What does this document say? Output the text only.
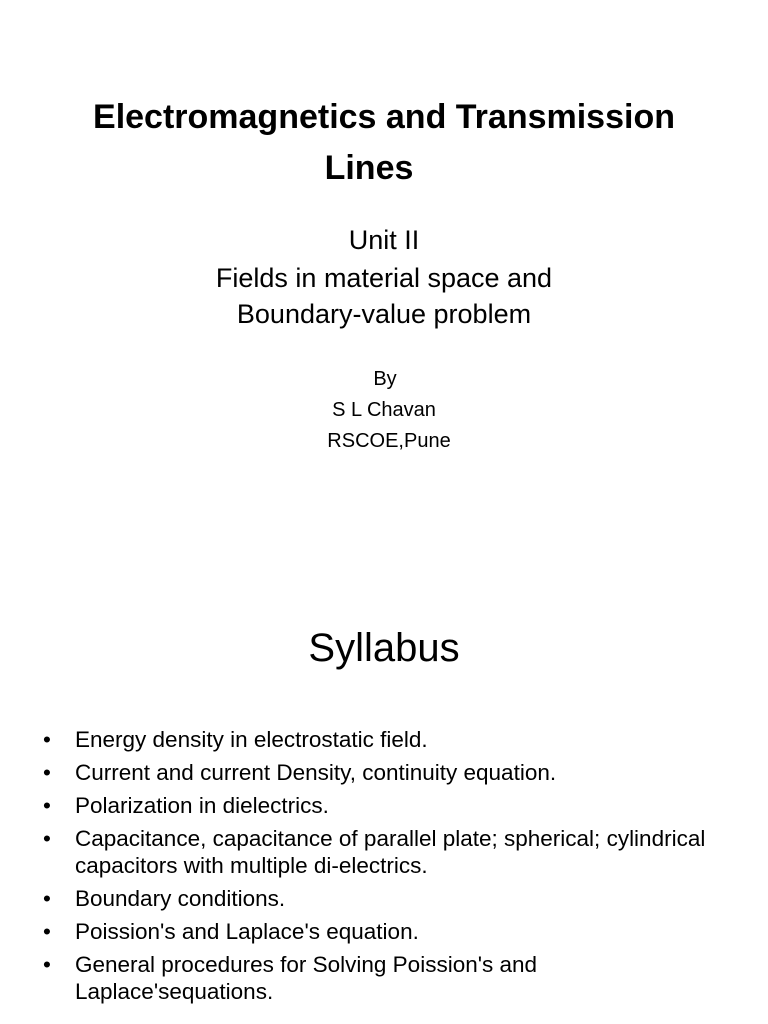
Electromagnetics and Transmission
Lines
Unit II
Fields in material space and
Boundary-value problem
By
S L Chavan
RSCOE,Pune
Syllabus
• Energy density in electrostatic field.
• Current and current Density, continuity equation.
• Polarization in dielectrics.
• Capacitance, capacitance of parallel plate; spherical; cylindrical capacitors with multiple di-electrics.
• Boundary conditions.
• Poission's and Laplace's equation.
• General procedures for Solving Poission's and Laplace'sequations.
